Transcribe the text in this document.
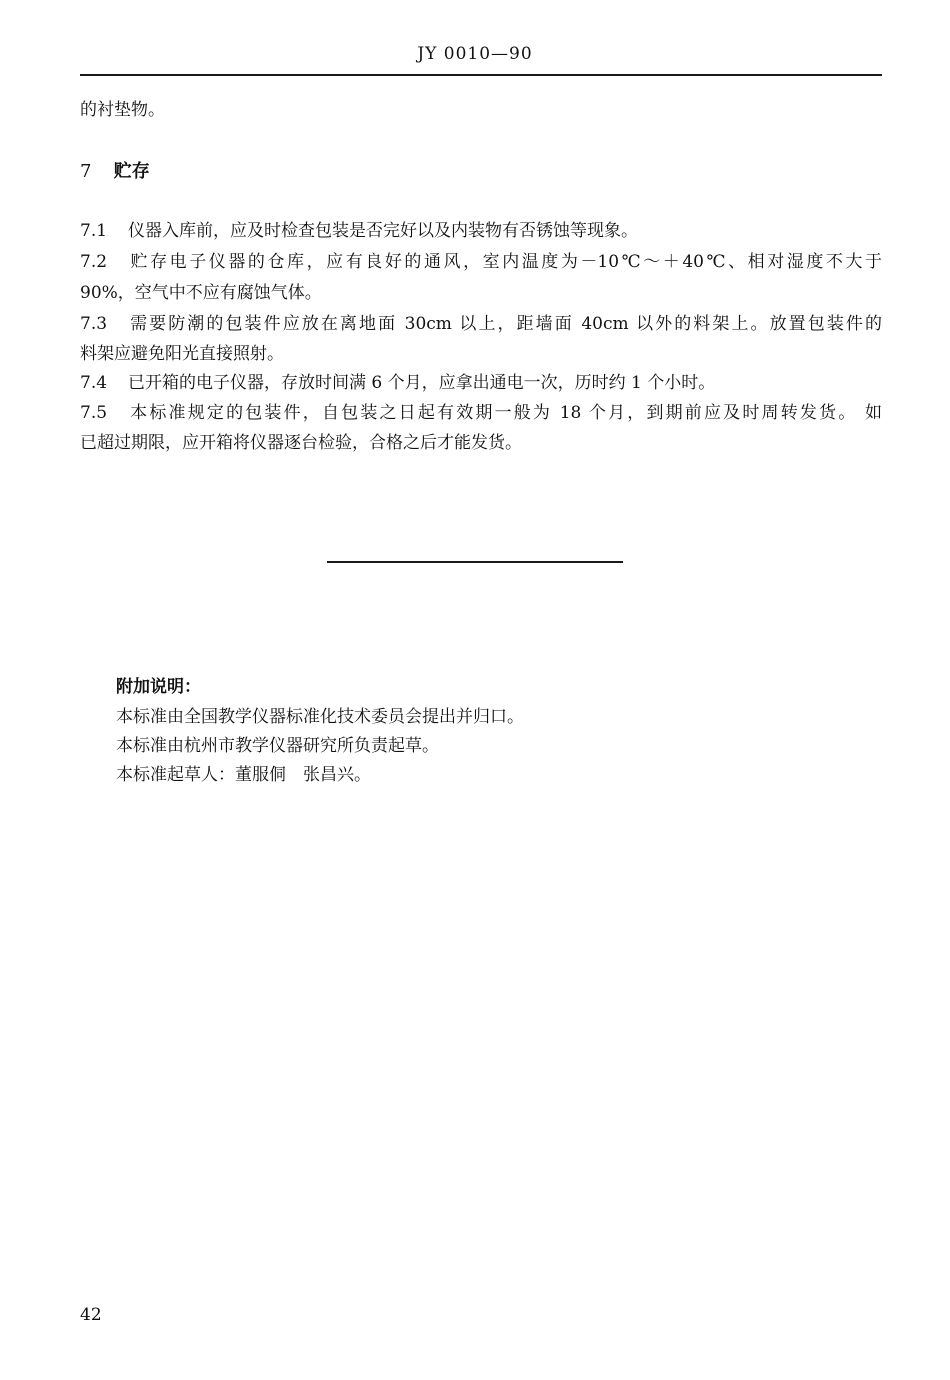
JY 0010—90
的衬垫物。
7 贮存
7.1 仪器入库前，应及时检查包装是否完好以及内装物有否锈蚀等现象。
7.2 贮存电子仪器的仓库，应有良好的通风，室内温度为－10℃～＋40℃、相对湿度不大于
90%，空气中不应有腐蚀气体。
7.3 需要防潮的包装件应放在离地面 30cm 以上，距墙面 40cm 以外的料架上。放置包装件的
料架应避免阳光直接照射。
7.4 已开箱的电子仪器，存放时间满 6 个月，应拿出通电一次，历时约 1 个小时。
7.5 本标准规定的包装件，自包装之日起有效期一般为 18 个月，到期前应及时周转发货。 如
已超过期限，应开箱将仪器逐台检验，合格之后才能发货。
附加说明：
本标准由全国教学仪器标准化技术委员会提出并归口。
本标准由杭州市教学仪器研究所负责起草。
本标准起草人：董服侗　张昌兴。
42
